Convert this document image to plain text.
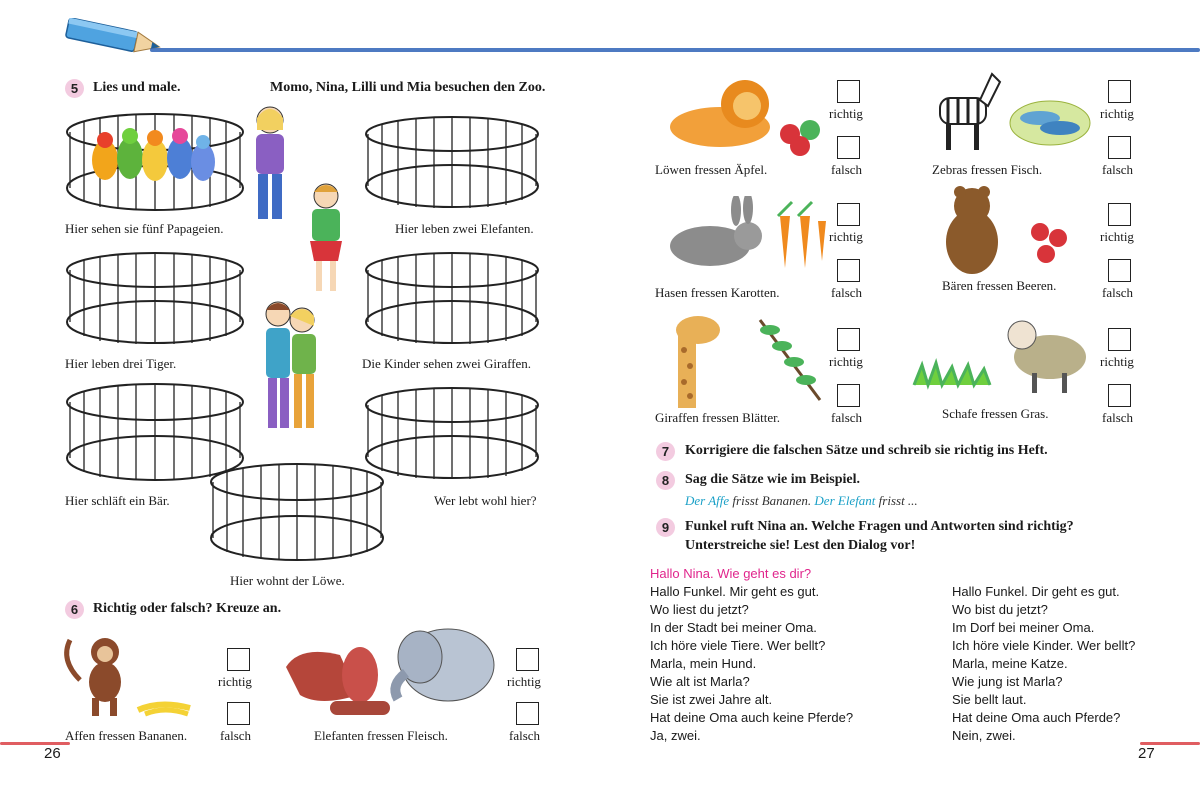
5	Lies und male.	Momo, Nina, Lilli und Mia besuchen den Zoo.
Hier sehen sie fünf Papageien.	Hier leben zwei Elefanten.
Hier leben drei Tiger.	Die Kinder sehen zwei Giraffen.
Hier schläft ein Bär.	Wer lebt wohl hier?
Hier wohnt der Löwe.
6	Richtig oder falsch? Kreuze an.
richtig
falsch
Affen fressen Bananen.
richtig
falsch
Elefanten fressen Fleisch.
26
richtig
falsch
Löwen fressen Äpfel.
richtig
falsch
Zebras fressen Fisch.
richtig
falsch
Hasen fressen Karotten.
richtig
falsch
Bären fressen Beeren.
richtig
falsch
Giraffen fressen Blätter.
richtig
falsch
Schafe fressen Gras.
7	Korrigiere die falschen Sätze und schreib sie richtig ins Heft.
8	Sag die Sätze wie im Beispiel.
Der Affe frisst Bananen. Der Elefant frisst ...
9	Funkel ruft Nina an. Welche Fragen und Antworten sind richtig?
Unterstreiche sie! Lest den Dialog vor!
Hallo Nina. Wie geht es dir?
Hallo Funkel. Mir geht es gut.
Wo liest du jetzt?
In der Stadt bei meiner Oma.
Ich höre viele Tiere. Wer bellt?
Marla, mein Hund.
Wie alt ist Marla?
Sie ist zwei Jahre alt.
Hat deine Oma auch keine Pferde?
Ja, zwei.
Hallo Funkel. Dir geht es gut.
Wo bist du jetzt?
Im Dorf bei meiner Oma.
Ich höre viele Kinder. Wer bellt?
Marla, meine Katze.
Wie jung ist Marla?
Sie bellt laut.
Hat deine Oma auch Pferde?
Nein, zwei.
27
